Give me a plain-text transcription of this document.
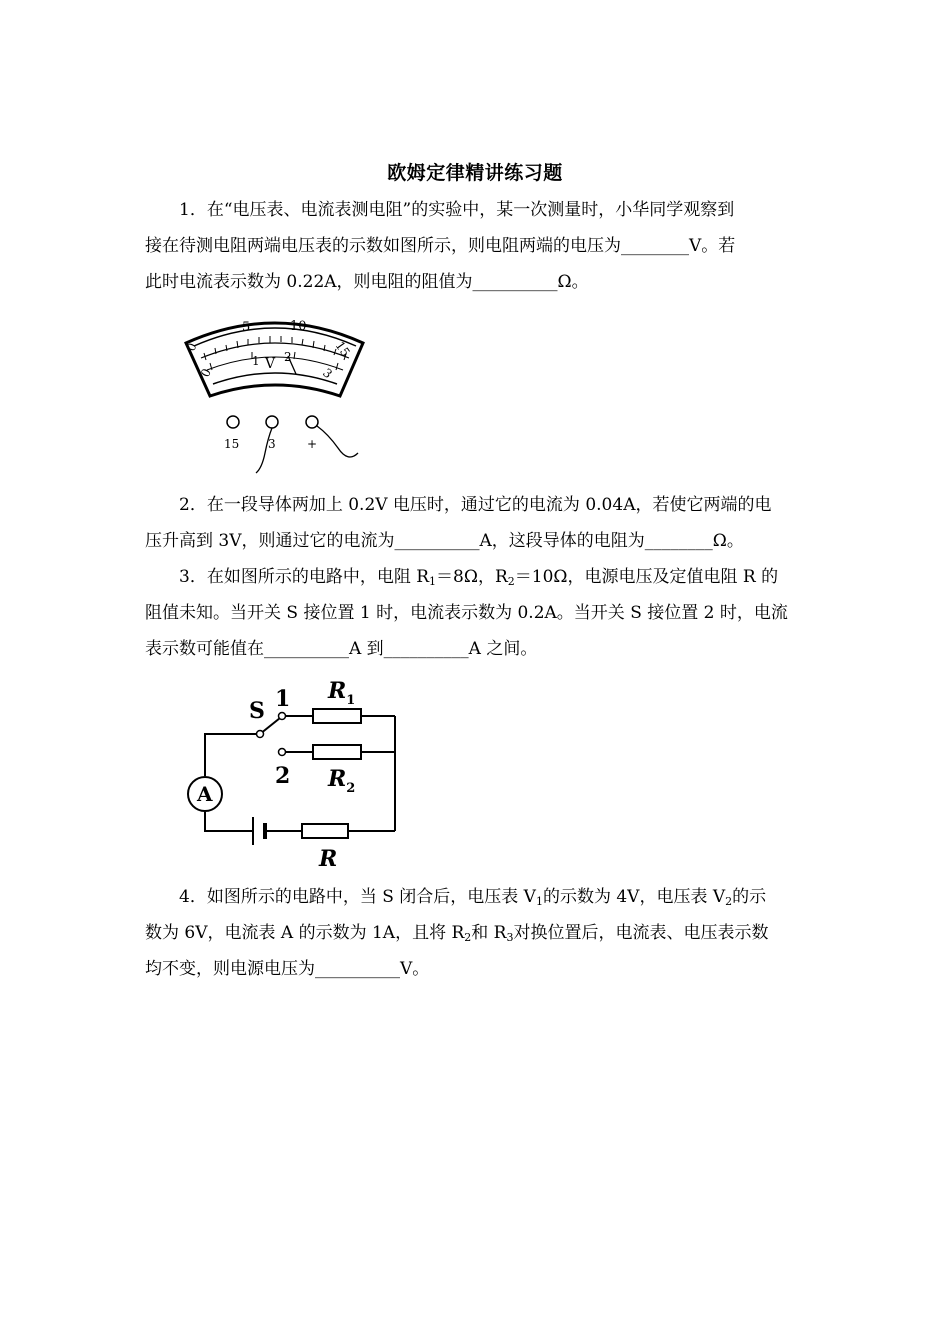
欧姆定律精讲练习题
1．在“电压表、电流表测电阻”的实验中，某一次测量时，小华同学观察到
接在待测电阻两端电压表的示数如图所示，则电阻两端的电压为________V。若
此时电流表示数为 0.22A，则电阻的阻值为__________Ω。
0
5	10
15
0
1 2
3
V
15 3	+
2．在一段导体两加上 0.2V 电压时，通过它的电流为 0.04A，若使它两端的电
压升高到 3V，则通过它的电流为__________A，这段导体的电阻为________Ω。
3．在如图所示的电路中，电阻 $R_1=8\Omega$，$R_2=10\Omega$，电源电压及定值电阻 R 的
阻值未知。当开关 S 接位置 1 时，电流表示数为 0.2A。当开关 S 接位置 2 时，电流
表示数可能值在__________A 到__________A 之间。
A
S 1
2
$R_1$
$R_2$
R
4．如图所示的电路中，当 S 闭合后，电压表 $V_1$的示数为 4V，电压表 $V_2$的示
数为 6V，电流表 A 的示数为 1A，且将 $R_2$和 $R_3$对换位置后，电流表、电压表示数
均不变，则电源电压为__________V。
